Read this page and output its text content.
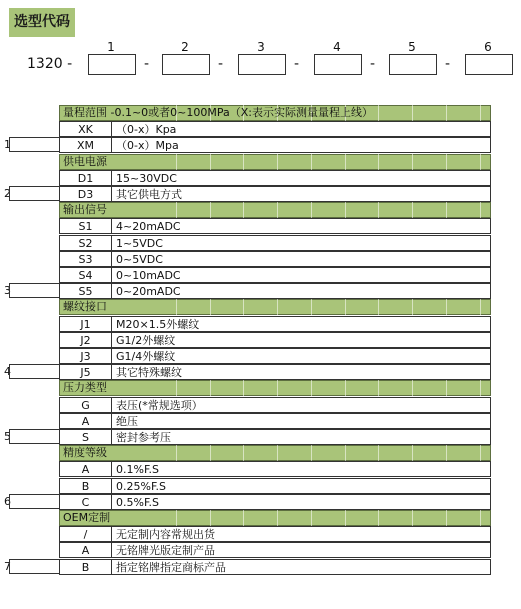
选型代码
1320 -
1
-
2
-
3
-
4
-
5
-
6
量程范围 -0.1~0或者0~100MPa（X:表示实际测量量程上线）
XK	（0-x）Kpa
XM	（0-x）Mpa
1
供电电源
D1	15~30VDC
D3	其它供电方式
2
输出信号
S1	4~20mADC
S2	1~5VDC
S3	0~5VDC
S4	0~10mADC
S5	0~20mADC
3
螺纹接口
J1	M20×1.5外螺纹
J2	G1/2外螺纹
J3	G1/4外螺纹
J5	其它特殊螺纹
4
压力类型
G	表压(*常规选项）
A	绝压
S	密封参考压
5
精度等级
A	0.1%F.S
B	0.25%F.S
C	0.5%F.S
6
OEM定制
/	无定制内容常规出货
A	无铭牌光版定制产品
B	指定铭牌指定商标产品
7
